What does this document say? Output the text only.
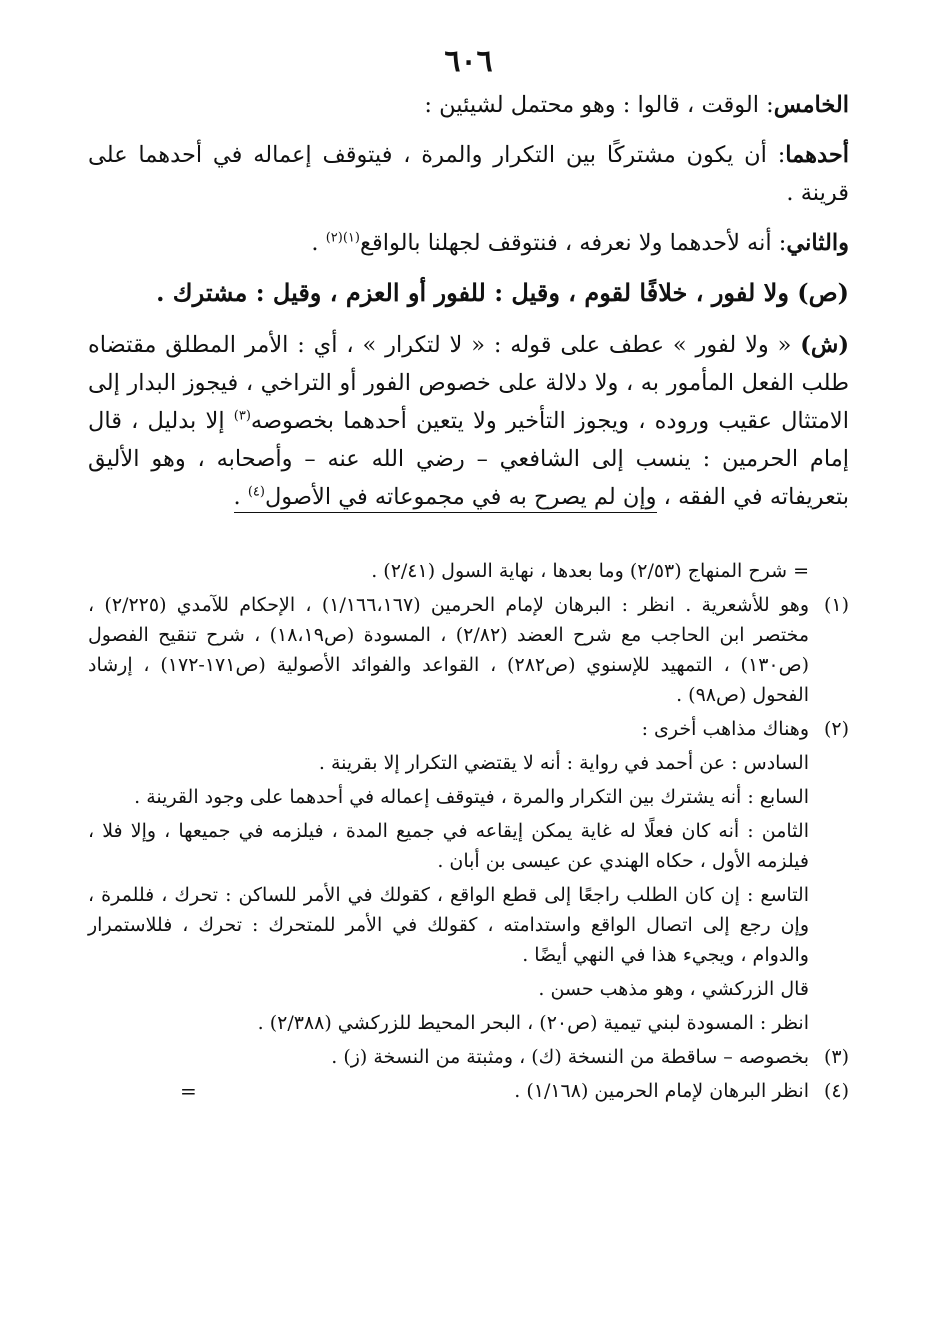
٦٠٦

الخامس: الوقت ، قالوا : وهو محتمل لشيئين :

أحدهما: أن يكون مشتركًا بين التكرار والمرة ، فيتوقف إعماله في أحدهما على قرينة .

والثاني: أنه لأحدهما ولا نعرفه ، فنتوقف لجهلنا بالواقع$^{(١)(٢)}$ .

(ص) ولا لفور ، خلافًا لقوم ، وقيل : للفور أو العزم ، وقيل : مشترك .

(ش) « ولا لفور » عطف على قوله : « لا لتكرار » ، أي : الأمر المطلق مقتضاه طلب الفعل المأمور به ، ولا دلالة على خصوص الفور أو التراخي ، فيجوز البدار إلى الامتثال عقيب وروده ، ويجوز التأخير ولا يتعين أحدهما بخصوصه$^{(٣)}$ إلا بدليل ، قال إمام الحرمين : ينسب إلى الشافعي – رضي الله عنه – وأصحابه ، وهو الأليق بتعريفاته في الفقه ، وإن لم يصرح به في مجموعاته في الأصول$^{(٤)}$ .

= شرح المنهاج (٢/٥٣) وما بعدها ، نهاية السول (٢/٤١) .
(١)
وهو للأشعرية . انظر : البرهان لإمام الحرمين (١/١٦٦،١٦٧) ، الإحكام للآمدي (٢/٢٢٥) ، مختصر ابن الحاجب مع شرح العضد (٢/٨٢) ، المسودة (ص١٨،١٩) ، شرح تنقيح الفصول (ص١٣٠) ، التمهيد للإسنوي (ص٢٨٢) ، القواعد والفوائد الأصولية (ص١٧١-١٧٢) ، إرشاد الفحول (ص٩٨) .
(٢)
وهناك مذاهب أخرى :
السادس : عن أحمد في رواية : أنه لا يقتضي التكرار إلا بقرينة .
السابع : أنه يشترك بين التكرار والمرة ، فيتوقف إعماله في أحدهما على وجود القرينة .
الثامن : أنه كان فعلًا له غاية يمكن إيقاعه في جميع المدة ، فيلزمه في جميعها ، وإلا فلا ، فيلزمه الأول ، حكاه الهندي عن عيسى بن أبان .
التاسع : إن كان الطلب راجعًا إلى قطع الواقع ، كقولك في الأمر للساكن : تحرك ، فللمرة ، وإن رجع إلى اتصال الواقع واستدامته ، كقولك في الأمر للمتحرك : تحرك ، فللاستمرار والدوام ، ويجيء هذا في النهي أيضًا .
قال الزركشي ، وهو مذهب حسن .
انظر : المسودة لبني تيمية (ص٢٠) ، البحر المحيط للزركشي (٢/٣٨٨) .
(٣)
بخصوصه – ساقطة من النسخة (ك) ، ومثبتة من النسخة (ز) .
(٤)
انظر البرهان لإمام الحرمين (١/١٦٨) .
=
